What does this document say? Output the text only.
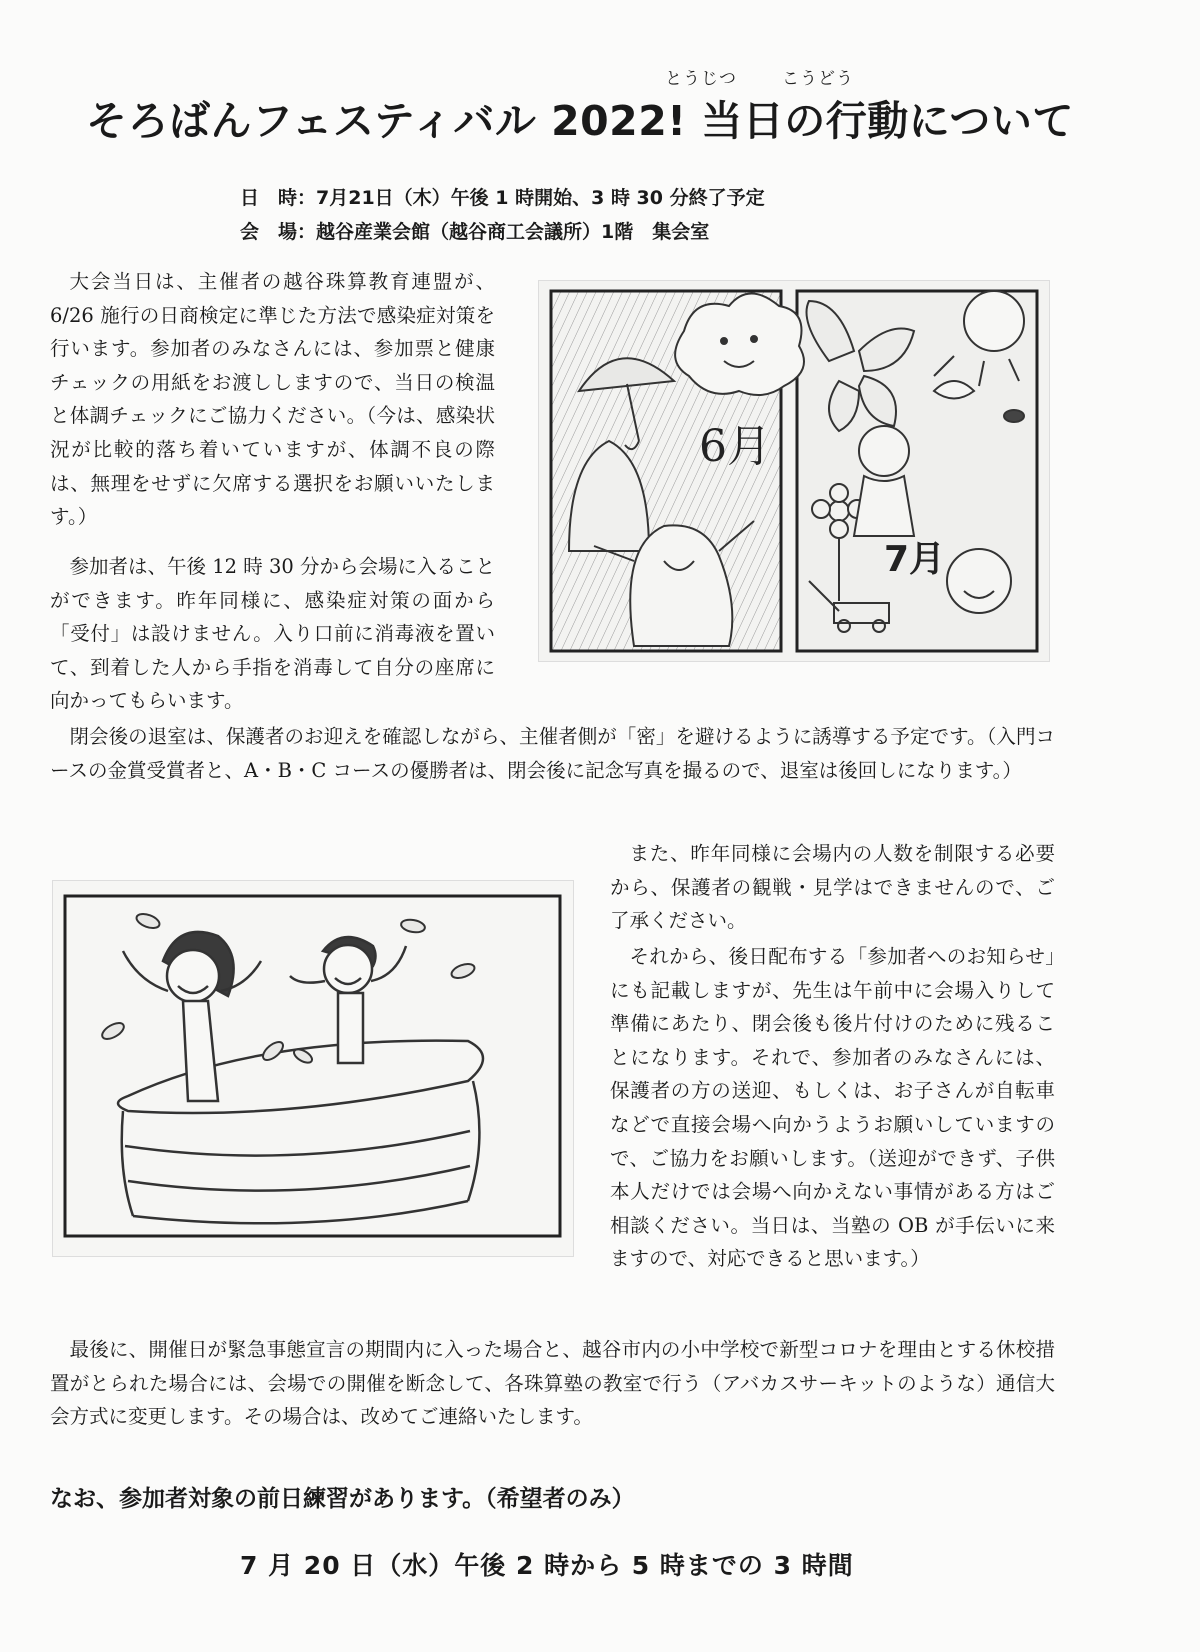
とうじつ	こうどう
そろばんフェスティバル 2022! 当日の行動について
日　時：7月21日（木）午後 1 時開始、3 時 30 分終了予定
会　場：越谷産業会館（越谷商工会議所）1階　集会室

大会当日は、主催者の越谷珠算教育連盟が、6/26 施行の日商検定に準じた方法で感染症対策を行います。参加者のみなさんには、参加票と健康チェックの用紙をお渡ししますので、当日の検温と体調チェックにご協力ください。（今は、感染状況が比較的落ち着いていますが、体調不良の際は、無理をせずに欠席する選択をお願いいたします。）

参加者は、午後 12 時 30 分から会場に入ることができます。昨年同様に、感染症対策の面から「受付」は設けません。入り口前に消毒液を置いて、到着した人から手指を消毒して自分の座席に向かってもらいます。

閉会後の退室は、保護者のお迎えを確認しながら、主催者側が「密」を避けるように誘導する予定です。（入門コースの金賞受賞者と、A・B・C コースの優勝者は、閉会後に記念写真を撮るので、退室は後回しになります。）

6月
7月

また、昨年同様に会場内の人数を制限する必要から、保護者の観戦・見学はできませんので、ご了承ください。

それから、後日配布する「参加者へのお知らせ」にも記載しますが、先生は午前中に会場入りして準備にあたり、閉会後も後片付けのために残ることになります。それで、参加者のみなさんには、保護者の方の送迎、もしくは、お子さんが自転車などで直接会場へ向かうようお願いしていますので、ご協力をお願いします。（送迎ができず、子供本人だけでは会場へ向かえない事情がある方はご相談ください。当日は、当塾の OB が手伝いに来ますので、対応できると思います。）

最後に、開催日が緊急事態宣言の期間内に入った場合と、越谷市内の小中学校で新型コロナを理由とする休校措置がとられた場合には、会場での開催を断念して、各珠算塾の教室で行う（アバカスサーキットのような）通信大会方式に変更します。その場合は、改めてご連絡いたします。

なお、参加者対象の前日練習があります。（希望者のみ）
7 月 20 日（水）午後 2 時から 5 時までの 3 時間
